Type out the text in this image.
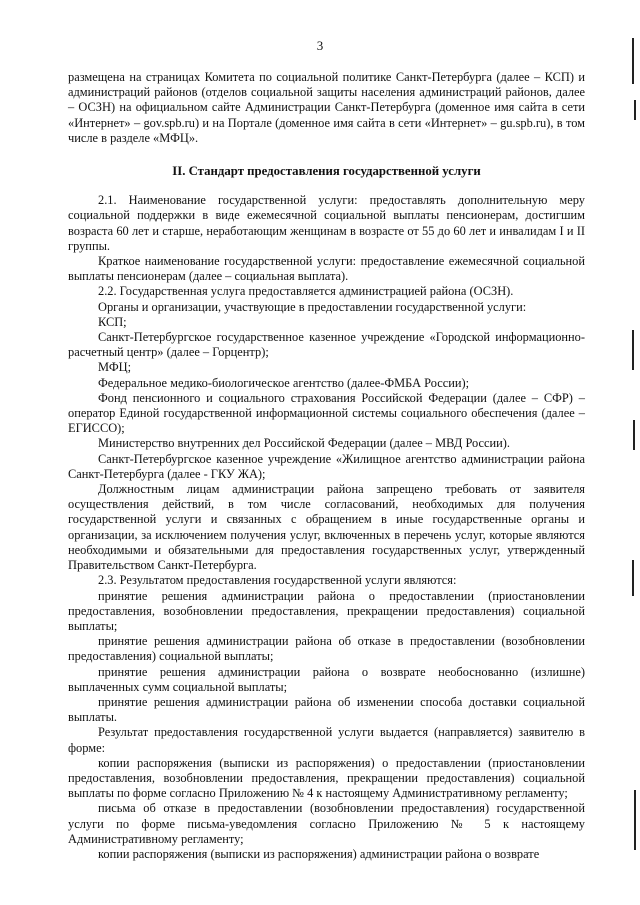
3

размещена на страницах Комитета по социальной политике Санкт-Петербурга (далее – КСП) и администраций районов (отделов социальной защиты населения администраций районов, далее – ОСЗН) на официальном сайте Администрации Санкт-Петербурга (доменное имя сайта в сети «Интернет» – gov.spb.ru) и на Портале (доменное имя сайта в сети «Интернет» – gu.spb.ru), в том числе в разделе «МФЦ».

II. Стандарт предоставления государственной услуги

2.1. Наименование государственной услуги: предоставлять дополнительную меру социальной поддержки в виде ежемесячной социальной выплаты пенсионерам, достигшим возраста 60 лет и старше, неработающим женщинам в возрасте от 55 до 60 лет и инвалидам I и II группы.

Краткое наименование государственной услуги: предоставление ежемесячной социальной выплаты пенсионерам (далее – социальная выплата).

2.2. Государственная услуга предоставляется администрацией района (ОСЗН).

Органы и организации, участвующие в предоставлении государственной услуги:

КСП;

Санкт-Петербургское государственное казенное учреждение «Городской информационно-расчетный центр» (далее – Горцентр);

МФЦ;

Федеральное медико-биологическое агентство (далее-ФМБА России);

Фонд пенсионного и социального страхования Российской Федерации (далее – СФР) – оператор Единой государственной информационной системы социального обеспечения (далее – ЕГИССО);

Министерство внутренних дел Российской Федерации (далее – МВД России).

Санкт-Петербургское казенное учреждение «Жилищное агентство администрации района Санкт-Петербурга (далее - ГКУ ЖА);

Должностным лицам администрации района запрещено требовать от заявителя осуществления действий, в том числе согласований, необходимых для получения государственной услуги и связанных с обращением в иные государственные органы и организации, за исключением получения услуг, включенных в перечень услуг, которые являются необходимыми и обязательными для предоставления государственных услуг, утвержденный Правительством Санкт-Петербурга.

2.3. Результатом предоставления государственной услуги являются:

принятие решения администрации района о предоставлении (приостановлении предоставления, возобновлении предоставления, прекращении предоставления) социальной выплаты;

принятие решения администрации района об отказе в предоставлении (возобновлении предоставления) социальной выплаты;

принятие решения администрации района о возврате необоснованно (излишне) выплаченных сумм социальной выплаты;

принятие решения администрации района об изменении способа доставки социальной выплаты.

Результат предоставления государственной услуги выдается (направляется) заявителю в форме:

копии распоряжения (выписки из распоряжения) о предоставлении (приостановлении предоставления, возобновлении предоставления, прекращении предоставления) социальной выплаты по форме согласно Приложению № 4 к настоящему Административному регламенту;

письма об отказе в предоставлении (возобновлении предоставления) государственной услуги по форме письма-уведомления согласно Приложению № 5 к настоящему Административному регламенту;

копии распоряжения (выписки из распоряжения) администрации района о возврате
